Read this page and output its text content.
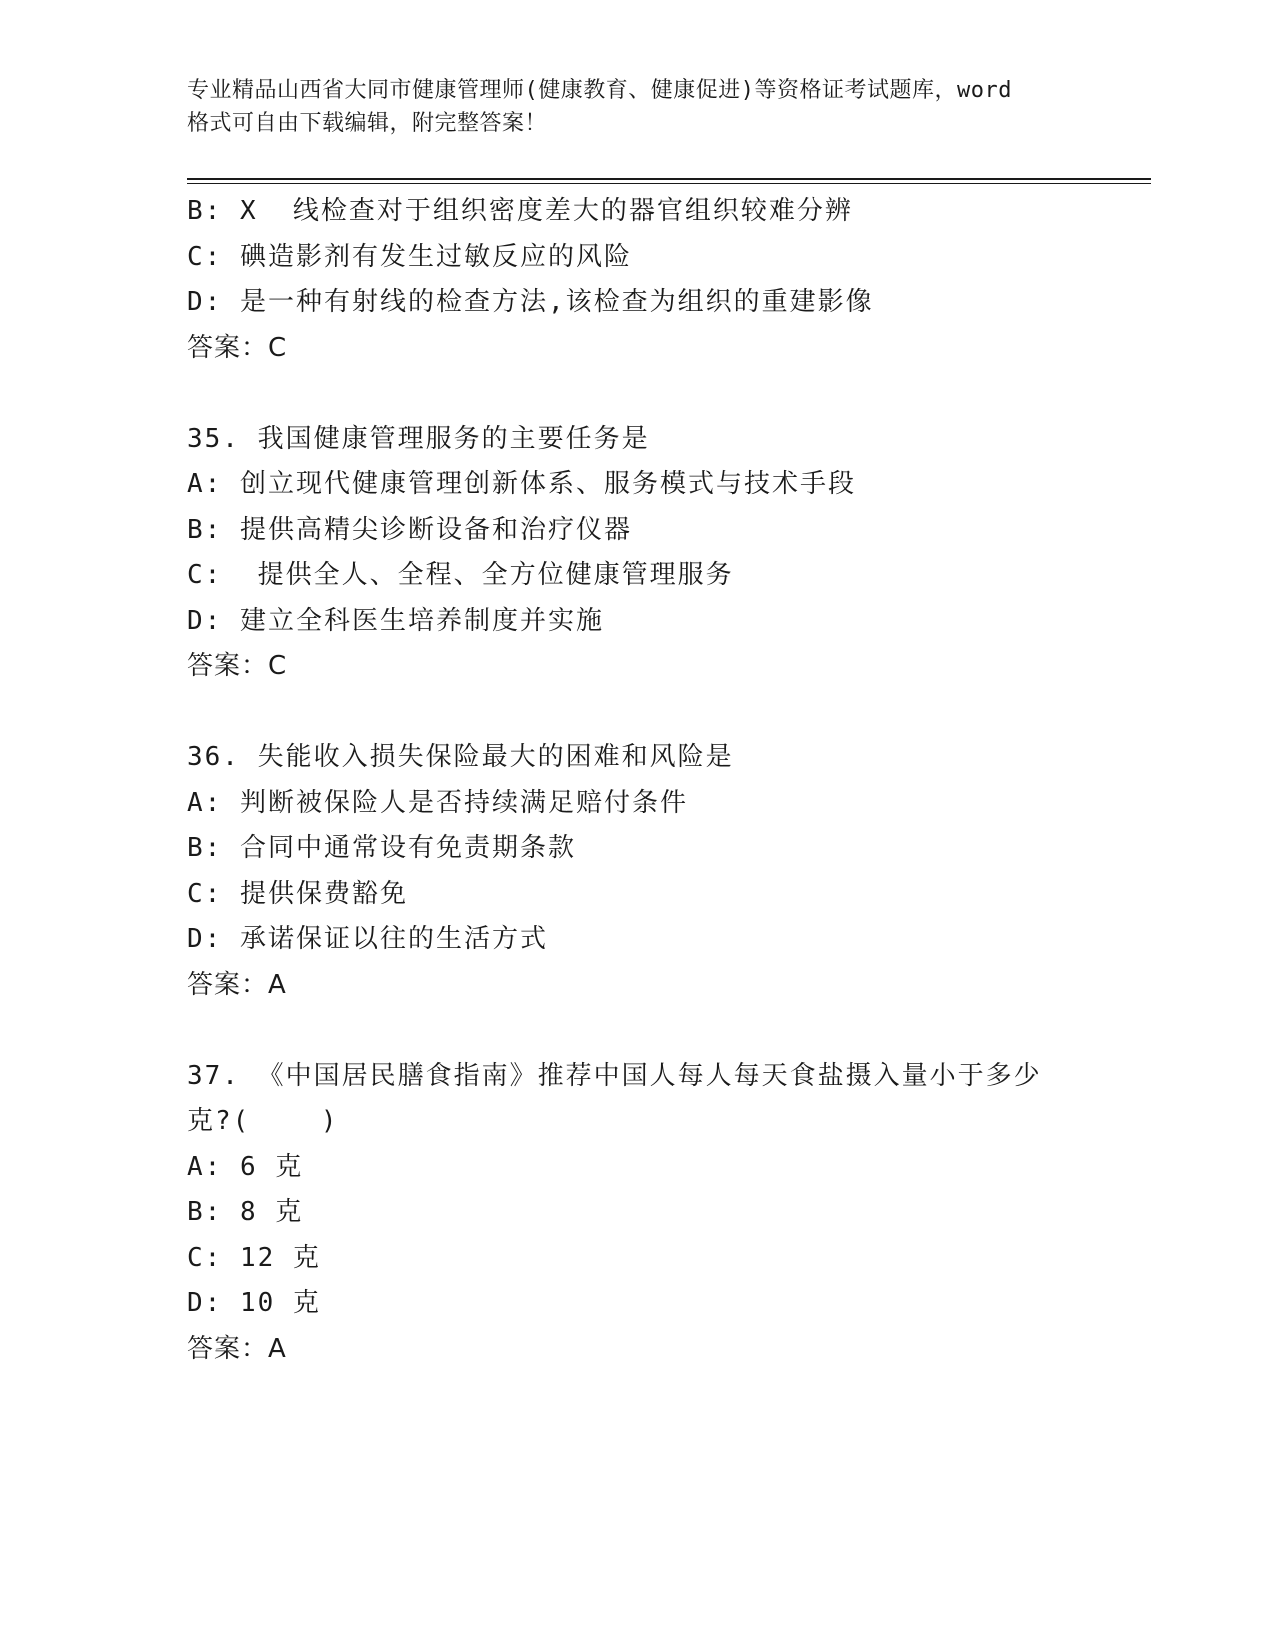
专业精品山西省大同市健康管理师(健康教育、健康促进)等资格证考试题库，word
格式可自由下载编辑，附完整答案！
B: X  线检查对于组织密度差大的器官组织较难分辨
C: 碘造影剂有发生过敏反应的风险
D: 是一种有射线的检查方法,该检查为组织的重建影像
答案：C
35. 我国健康管理服务的主要任务是
A: 创立现代健康管理创新体系、服务模式与技术手段
B: 提供高精尖诊断设备和治疗仪器
C:  提供全人、全程、全方位健康管理服务
D: 建立全科医生培养制度并实施
答案：C
36. 失能收入损失保险最大的困难和风险是
A: 判断被保险人是否持续满足赔付条件
B: 合同中通常设有免责期条款
C: 提供保费豁免
D: 承诺保证以往的生活方式
答案：A
37. 《中国居民膳食指南》推荐中国人每人每天食盐摄入量小于多少
克?(    )
A: 6 克
B: 8 克
C: 12 克
D: 10 克
答案：A
